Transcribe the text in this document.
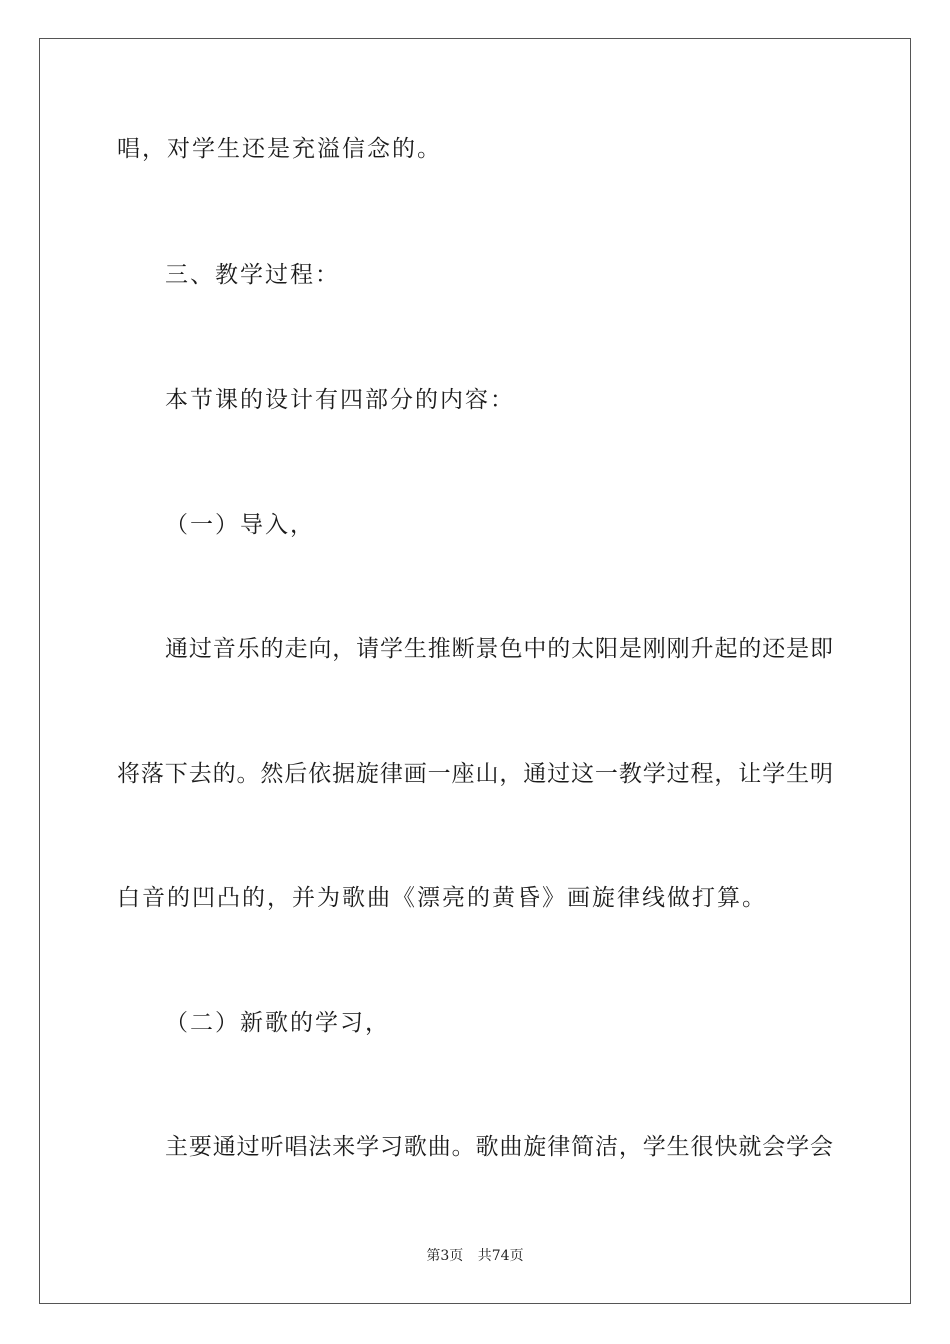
唱，对学生还是充溢信念的。
三、教学过程：
本节课的设计有四部分的内容：
（一）导入，
通过音乐的走向，请学生推断景色中的太阳是刚刚升起的还是即
将落下去的。然后依据旋律画一座山，通过这一教学过程，让学生明
白音的凹凸的，并为歌曲《漂亮的黄昏》画旋律线做打算。
（二）新歌的学习，
主要通过听唱法来学习歌曲。歌曲旋律简洁，学生很快就会学会
第3页 共74页
